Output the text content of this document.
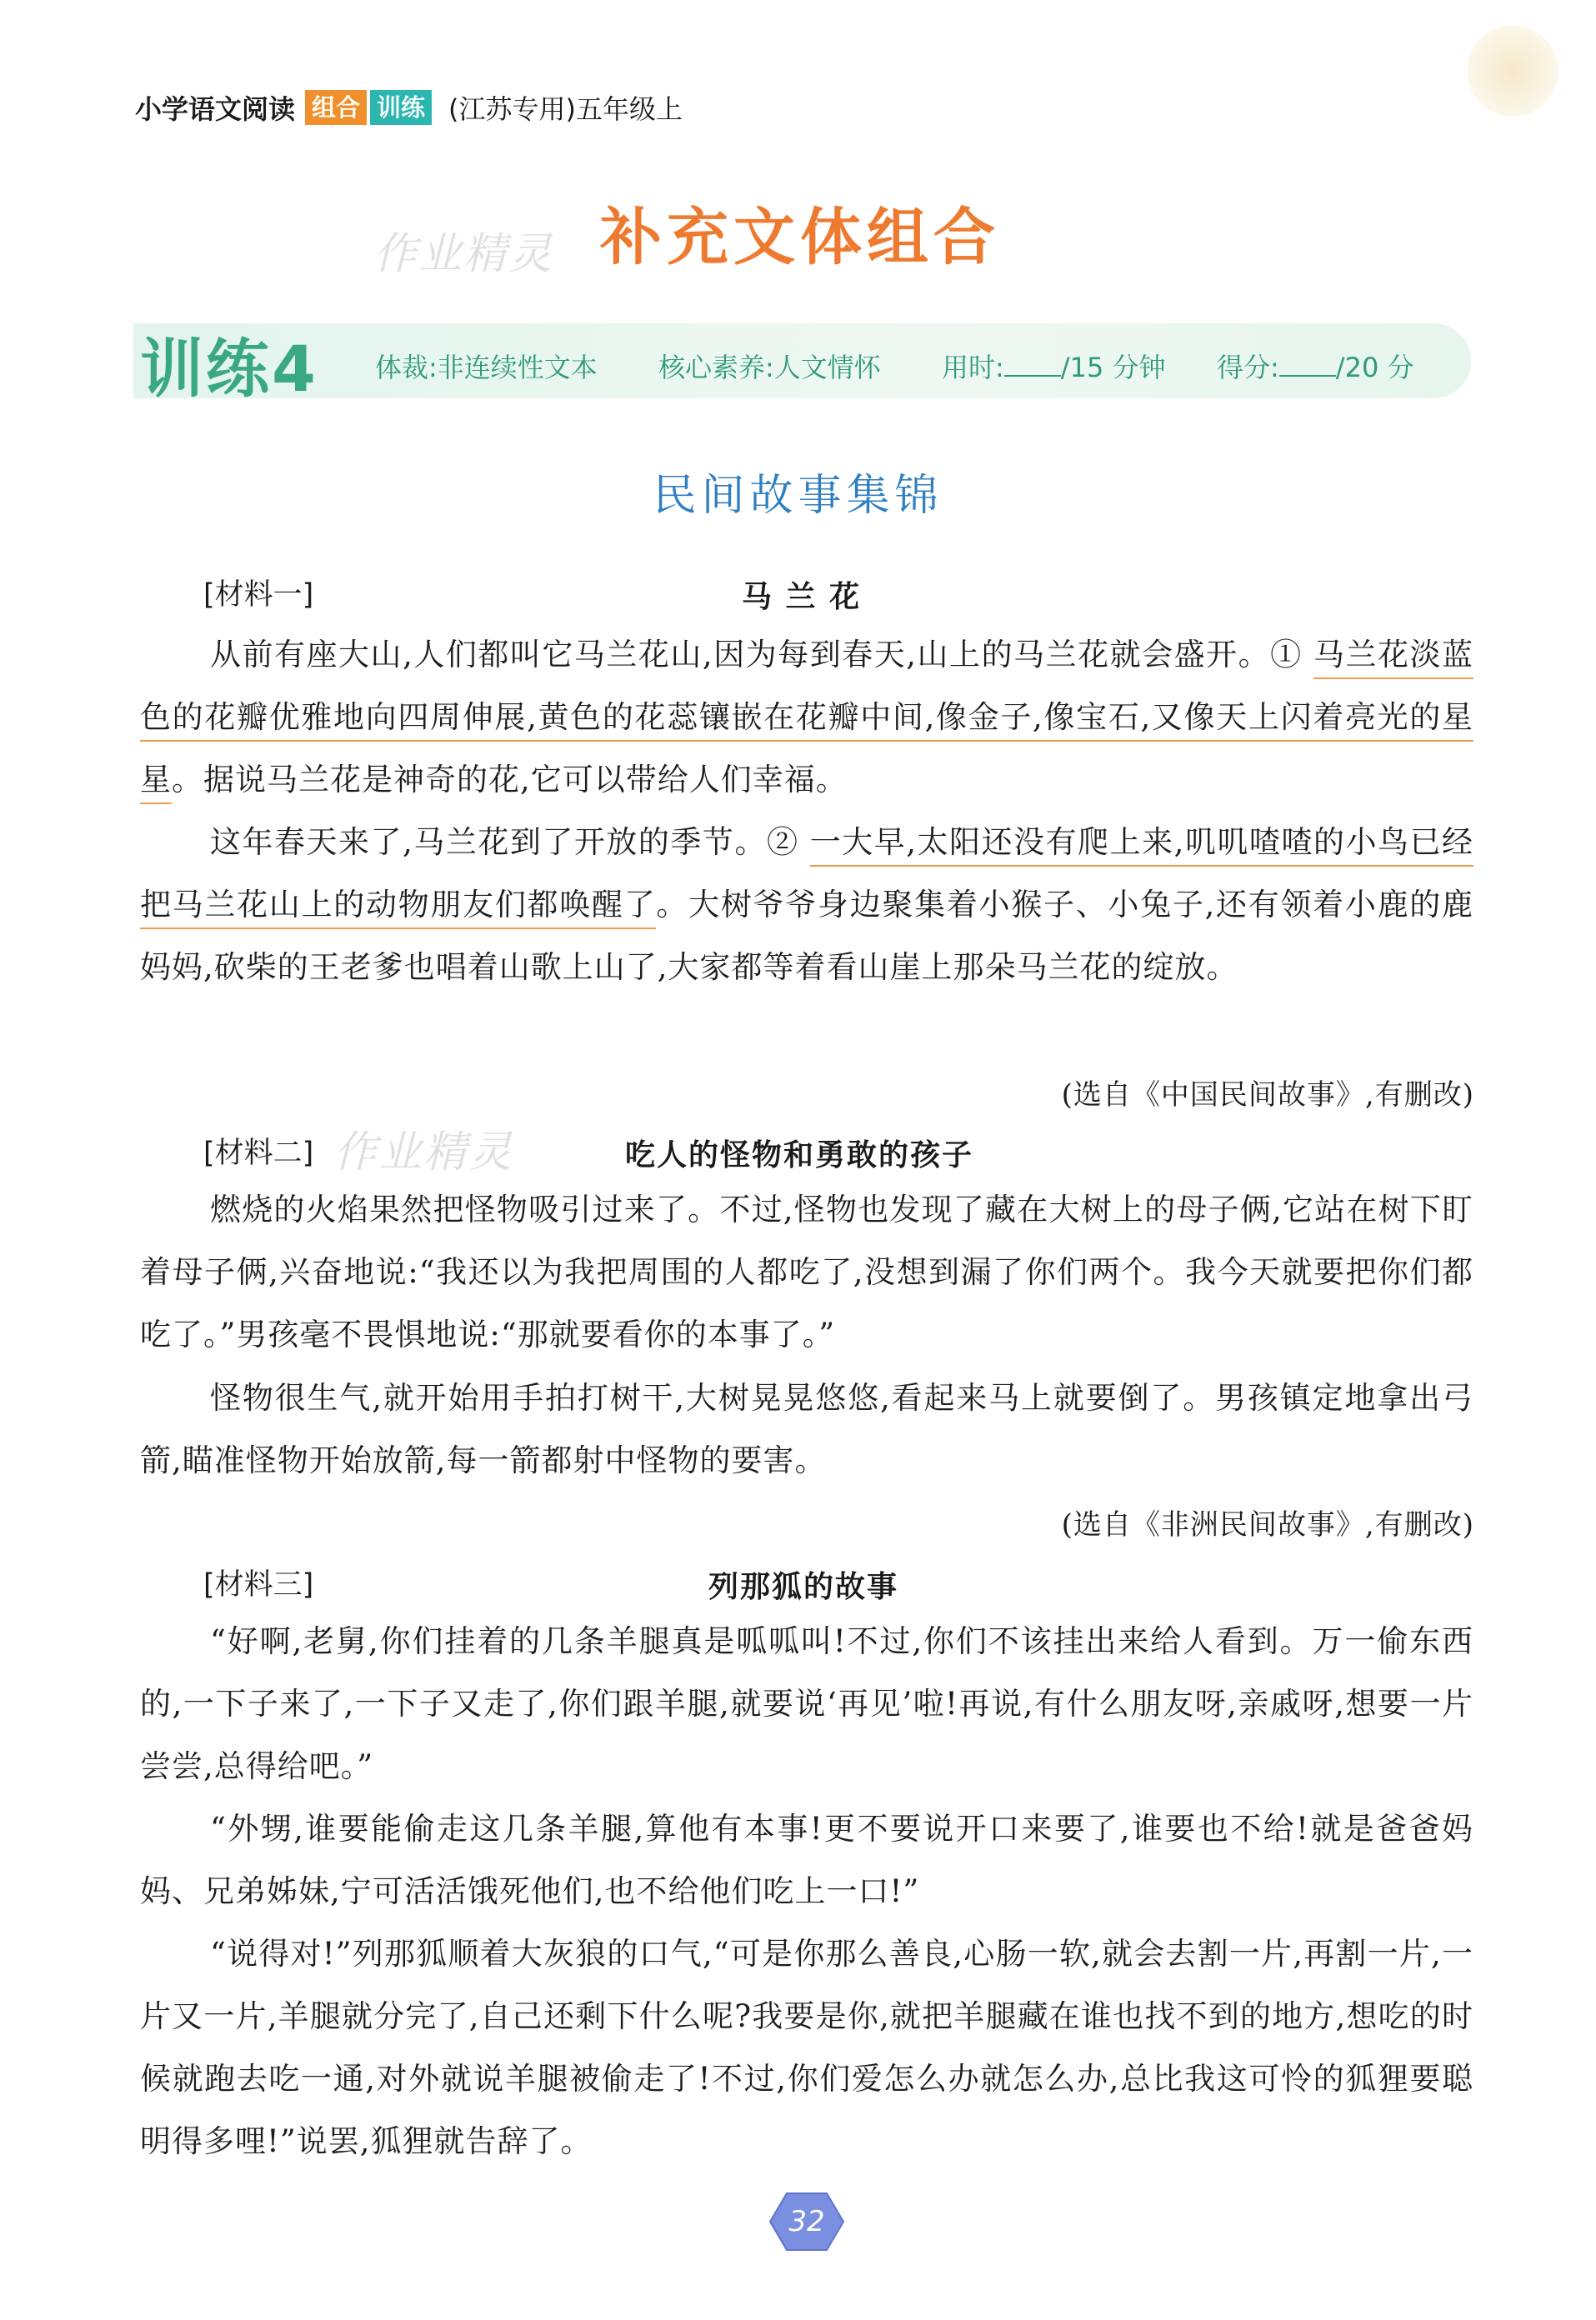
小学语文阅读 组合 训练 (江苏专用)五年级上
作业精灵 补充文体组合
训练4 体裁:非连续性文本 核心素养:人文情怀 用时: /15 分钟 得分: /20 分
民间故事集锦
[材料一]	马 兰 花
从前有座大山,人们都叫它马兰花山,因为每到春天,山上的马兰花就会盛开。① 马兰花淡蓝色的花瓣优雅地向四周伸展,黄色的花蕊镶嵌在花瓣中间,像金子,像宝石,又像天上闪着亮光的星星。据说马兰花是神奇的花,它可以带给人们幸福。
这年春天来了,马兰花到了开放的季节。② 一大早,太阳还没有爬上来,叽叽喳喳的小鸟已经把马兰花山上的动物朋友们都唤醒了。大树爷爷身边聚集着小猴子、小兔子,还有领着小鹿的鹿妈妈,砍柴的王老爹也唱着山歌上山了,大家都等着看山崖上那朵马兰花的绽放。
(选自《中国民间故事》,有删改)
[材料二] 作业精灵	吃人的怪物和勇敢的孩子
燃烧的火焰果然把怪物吸引过来了。不过,怪物也发现了藏在大树上的母子俩,它站在树下盯着母子俩,兴奋地说:“我还以为我把周围的人都吃了,没想到漏了你们两个。我今天就要把你们都吃了。”男孩毫不畏惧地说:“那就要看你的本事了。”
怪物很生气,就开始用手拍打树干,大树晃晃悠悠,看起来马上就要倒了。男孩镇定地拿出弓箭,瞄准怪物开始放箭,每一箭都射中怪物的要害。
(选自《非洲民间故事》,有删改)
[材料三]	列那狐的故事
“好啊,老舅,你们挂着的几条羊腿真是呱呱叫!不过,你们不该挂出来给人看到。万一偷东西的,一下子来了,一下子又走了,你们跟羊腿,就要说‘再见’啦!再说,有什么朋友呀,亲戚呀,想要一片尝尝,总得给吧。”
“外甥,谁要能偷走这几条羊腿,算他有本事!更不要说开口来要了,谁要也不给!就是爸爸妈妈、兄弟姊妹,宁可活活饿死他们,也不给他们吃上一口!”
“说得对!”列那狐顺着大灰狼的口气,“可是你那么善良,心肠一软,就会去割一片,再割一片,一片又一片,羊腿就分完了,自己还剩下什么呢?我要是你,就把羊腿藏在谁也找不到的地方,想吃的时候就跑去吃一通,对外就说羊腿被偷走了!不过,你们爱怎么办就怎么办,总比我这可怜的狐狸要聪明得多哩!”说罢,狐狸就告辞了。
32
